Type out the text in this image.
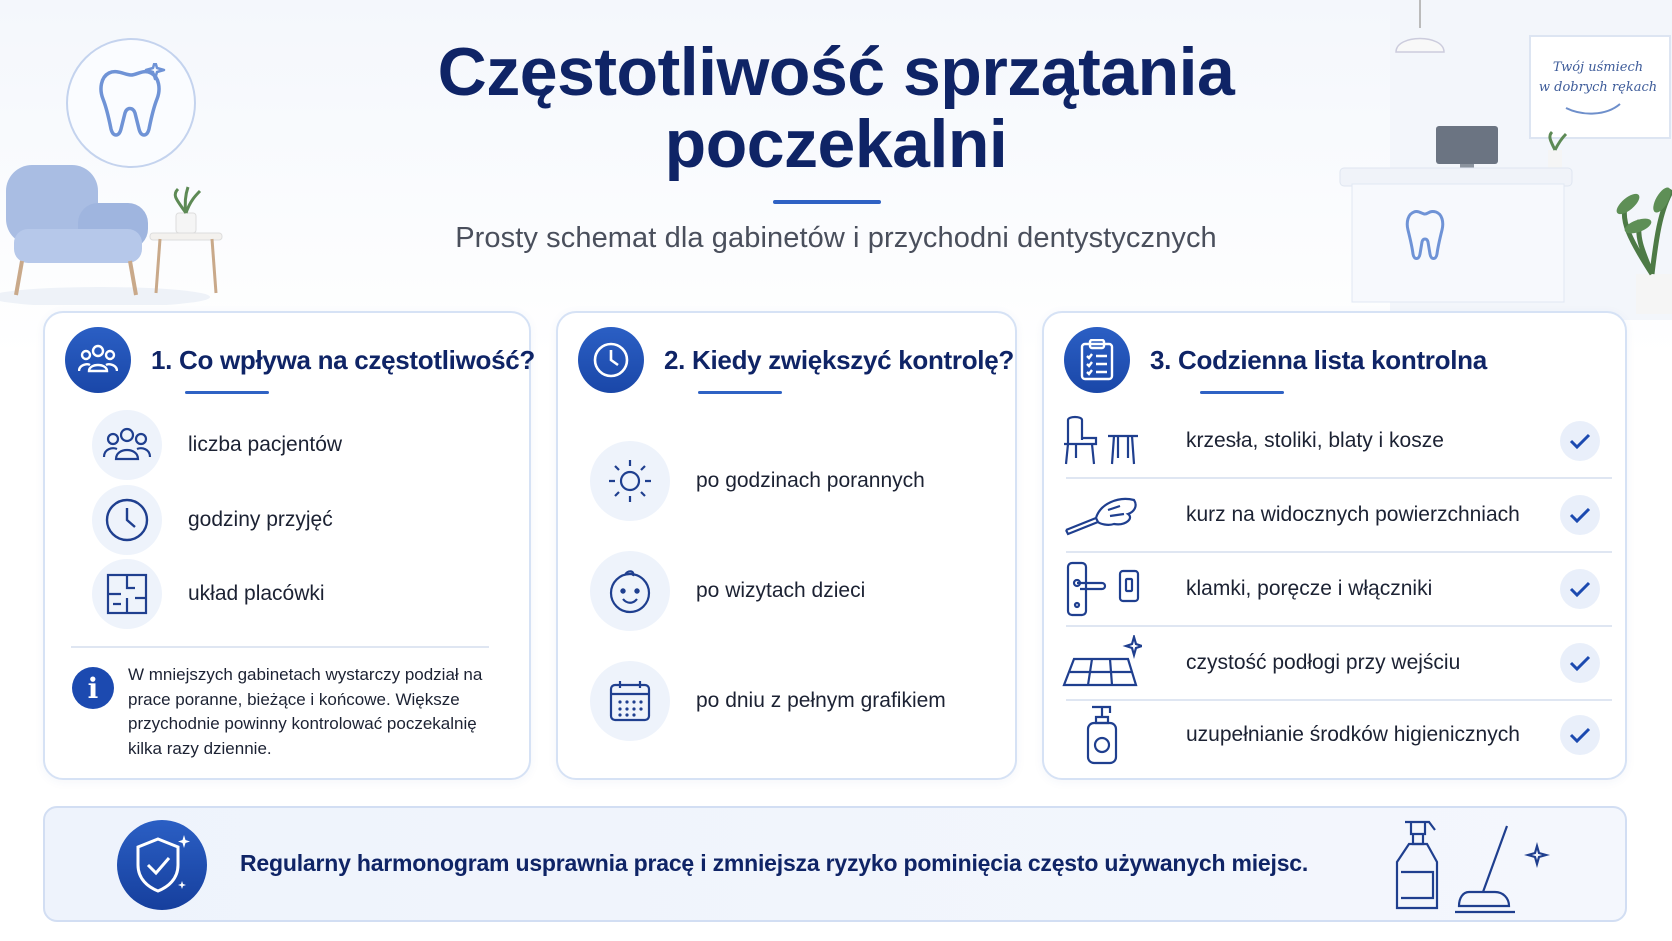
Twój uśmiech
w dobrych rękach
Częstotliwość sprzątania
poczekalni
Prosty schemat dla gabinetów i przychodni dentystycznych
1. Co wpływa na częstotliwość?
liczba pacjentów
godziny przyjęć
układ placówki
i	W mniejszych gabinetach wystarczy podział na prace poranne, bieżące i końcowe. Większe przychodnie powinny kontrolować poczekalnię kilka razy dziennie.
2. Kiedy zwiększyć kontrolę?
po godzinach porannych
po wizytach dzieci
po dniu z pełnym grafikiem
3. Codzienna lista kontrolna
krzesła, stoliki, blaty i kosze
kurz na widocznych powierzchniach
klamki, poręcze i włączniki
czystość podłogi przy wejściu
uzupełnianie środków higienicznych
Regularny harmonogram usprawnia pracę i zmniejsza ryzyko pominięcia często używanych miejsc.
